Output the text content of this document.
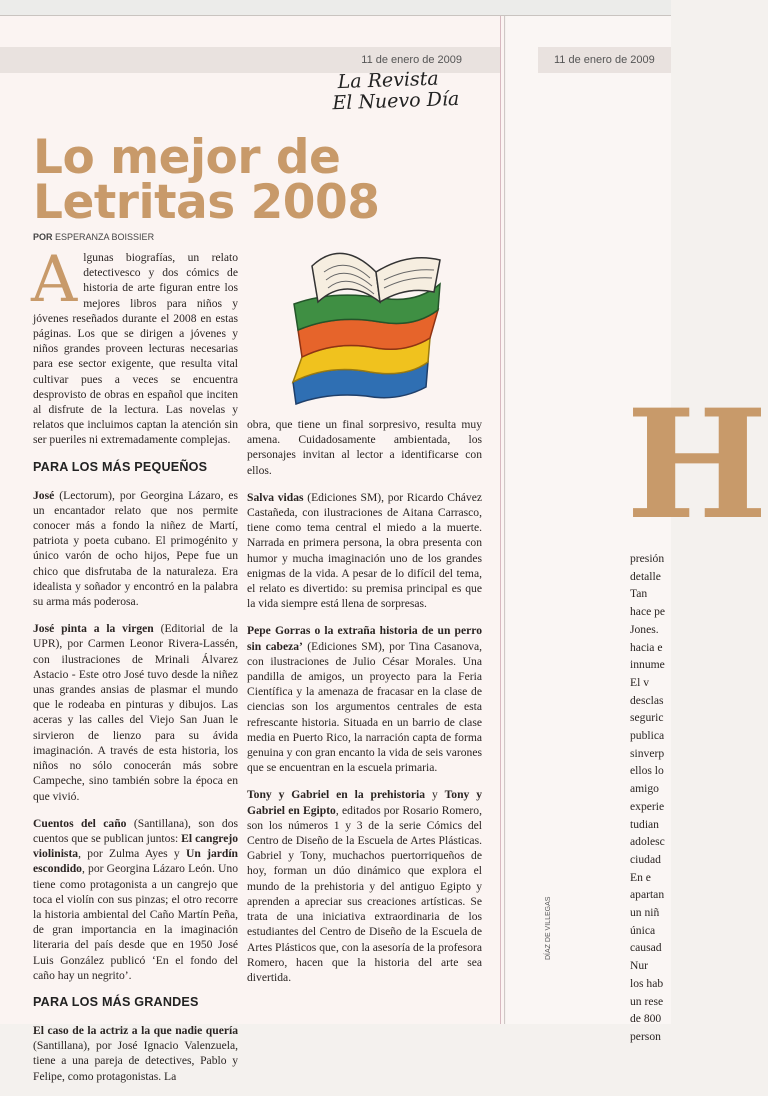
11 de enero de 2009	11 de enero de 2009
La Revista
El Nuevo Día
Lo mejor de
Letritas 2008
POR ESPERANZA BOISSIER

Algunas biografías, un relato detectivesco y dos cómics de historia de arte figuran entre los mejores libros para niños y jóvenes reseñados durante el 2008 en estas páginas. Los que se dirigen a jóvenes y niños grandes proveen lecturas necesarias para ese sector exigente, que resulta vital cultivar pues a veces se encuentra desprovisto de obras en español que inciten al disfrute de la lectura. Las novelas y relatos que incluimos captan la atención sin ser pueriles ni extremadamente complejas.

PARA LOS MÁS PEQUEÑOS

José (Lectorum), por Georgina Lázaro, es un encantador relato que nos permite conocer más a fondo la niñez de Martí, patriota y poeta cubano. El primogénito y único varón de ocho hijos, Pepe fue un chico que disfrutaba de la naturaleza. Era idealista y soñador y encontró en la palabra su arma más poderosa.

José pinta a la virgen (Editorial de la UPR), por Carmen Leonor Rivera-Lassén, con ilustraciones de Mrinali Álvarez Astacio - Este otro José tuvo desde la niñez unas grandes ansias de plasmar el mundo que le rodeaba en pinturas y dibujos. Las aceras y las calles del Viejo San Juan le sirvieron de lienzo para su ávida imaginación. A través de esta historia, los niños no sólo conocerán más sobre Campeche, sino también sobre la época en que vivió.

Cuentos del caño (Santillana), son dos cuentos que se publican juntos: El cangrejo violinista, por Zulma Ayes y Un jardín escondido, por Georgina Lázaro León. Uno tiene como protagonista a un cangrejo que toca el violín con sus pinzas; el otro recorre la historia ambiental del Caño Martín Peña, de gran importancia en la imaginación literaria del país desde que en 1950 José Luis González publicó ‘En el fondo del caño hay un negrito’.

PARA LOS MÁS GRANDES

El caso de la actriz a la que nadie quería (Santillana), por José Ignacio Valenzuela, tiene a una pareja de detectives, Pablo y Felipe, como protagonistas. La

obra, que tiene un final sorpresivo, resulta muy amena. Cuidadosamente ambientada, los personajes invitan al lector a identificarse con ellos.

Salva vidas (Ediciones SM), por Ricardo Chávez Castañeda, con ilustraciones de Aitana Carrasco, tiene como tema central el miedo a la muerte. Narrada en primera persona, la obra presenta con humor y mucha imaginación uno de los grandes enigmas de la vida. A pesar de lo difícil del tema, el relato es divertido: su premisa principal es que la vida siempre está llena de sorpresas.

Pepe Gorras o la extraña historia de un perro sin cabeza’ (Ediciones SM), por Tina Casanova, con ilustraciones de Julio César Morales. Una pandilla de amigos, un proyecto para la Feria Científica y la amenaza de fracasar en la clase de ciencias son los argumentos centrales de esta refrescante historia. Situada en un barrio de clase media en Puerto Rico, la narración capta de forma genuina y con gran encanto la vida de seis varones que se encuentran en la escuela primaria.

Tony y Gabriel en la prehistoria y Tony y Gabriel en Egipto, editados por Rosario Romero, son los números 1 y 3 de la serie Cómics del Centro de Diseño de la Escuela de Artes Plásticas. Gabriel y Tony, muchachos puertorriqueños de hoy, forman un dúo dinámico que explora el mundo de la prehistoria y del antiguo Egipto y aprenden a apreciar sus creaciones artísticas. Se trata de una iniciativa extraordinaria de los estudiantes del Centro de Diseño de la Escuela de Artes Plásticos que, con la asesoría de la profesora Romero, hacen que la historia del arte sea divertida.

DÍAZ DE VILLEGAS
H
presión
detalle
Tan
hace pe
Jones.
hacia e
innume
El v
desclas
seguric
publica
sinverp
ellos lo
amigo
experie
tudian
adolesc
ciudad
En e
apartan
un niñ
única
causad
Nur
los hab
un rese
de 800
person
